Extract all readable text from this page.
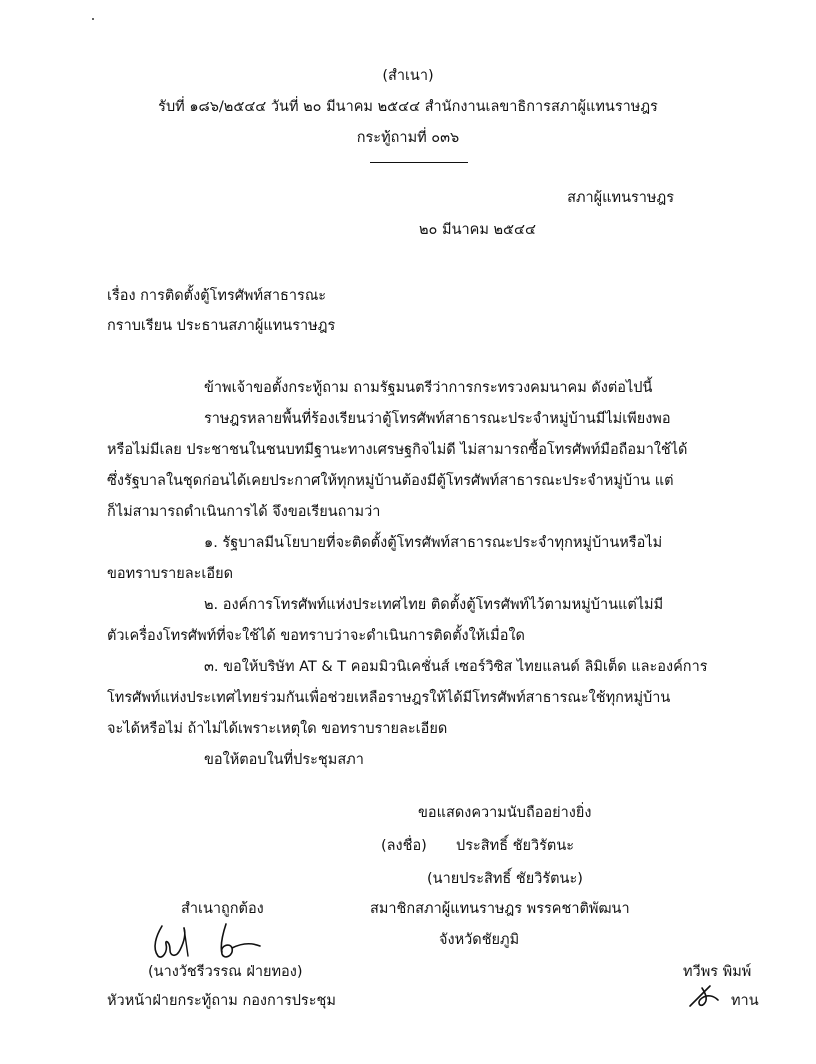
(สำเนา)
รับที่ ๑๘๖/๒๕๔๔ วันที่ ๒๐ มีนาคม ๒๕๔๔ สำนักงานเลขาธิการสภาผู้แทนราษฎร
กระทู้ถามที่ ๐๓๖
สภาผู้แทนราษฎร
๒๐ มีนาคม ๒๕๔๔
เรื่อง การติดตั้งตู้โทรศัพท์สาธารณะ
กราบเรียน ประธานสภาผู้แทนราษฎร
ข้าพเจ้าขอตั้งกระทู้ถาม ถามรัฐมนตรีว่าการกระทรวงคมนาคม ดังต่อไปนี้
ราษฎรหลายพื้นที่ร้องเรียนว่าตู้โทรศัพท์สาธารณะประจำหมู่บ้านมีไม่เพียงพอ
หรือไม่มีเลย ประชาชนในชนบทมีฐานะทางเศรษฐกิจไม่ดี ไม่สามารถซื้อโทรศัพท์มือถือมาใช้ได้
ซึ่งรัฐบาลในชุดก่อนได้เคยประกาศให้ทุกหมู่บ้านต้องมีตู้โทรศัพท์สาธารณะประจำหมู่บ้าน แต่
ก็ไม่สามารถดำเนินการได้ จึงขอเรียนถามว่า
๑. รัฐบาลมีนโยบายที่จะติดตั้งตู้โทรศัพท์สาธารณะประจำทุกหมู่บ้านหรือไม่
ขอทราบรายละเอียด
๒. องค์การโทรศัพท์แห่งประเทศไทย ติดตั้งตู้โทรศัพท์ไว้ตามหมู่บ้านแต่ไม่มี
ตัวเครื่องโทรศัพท์ที่จะใช้ได้ ขอทราบว่าจะดำเนินการติดตั้งให้เมื่อใด
๓. ขอให้บริษัท AT & T คอมมิวนิเคชั่นส์ เซอร์วิซิส ไทยแลนด์ ลิมิเต็ด และองค์การ
โทรศัพท์แห่งประเทศไทยร่วมกันเพื่อช่วยเหลือราษฎรให้ได้มีโทรศัพท์สาธารณะใช้ทุกหมู่บ้าน
จะได้หรือไม่ ถ้าไม่ได้เพราะเหตุใด ขอทราบรายละเอียด
ขอให้ตอบในที่ประชุมสภา
ขอแสดงความนับถืออย่างยิ่ง
(ลงชื่อ) ประสิทธิ์ ชัยวิรัตนะ
(นายประสิทธิ์ ชัยวิรัตนะ)
สมาชิกสภาผู้แทนราษฎร พรรคชาติพัฒนา
จังหวัดชัยภูมิ
สำเนาถูกต้อง
(นางวัชรีวรรณ ฝ่ายทอง)
หัวหน้าฝ่ายกระทู้ถาม กองการประชุม
ทวีพร พิมพ์
ทาน
